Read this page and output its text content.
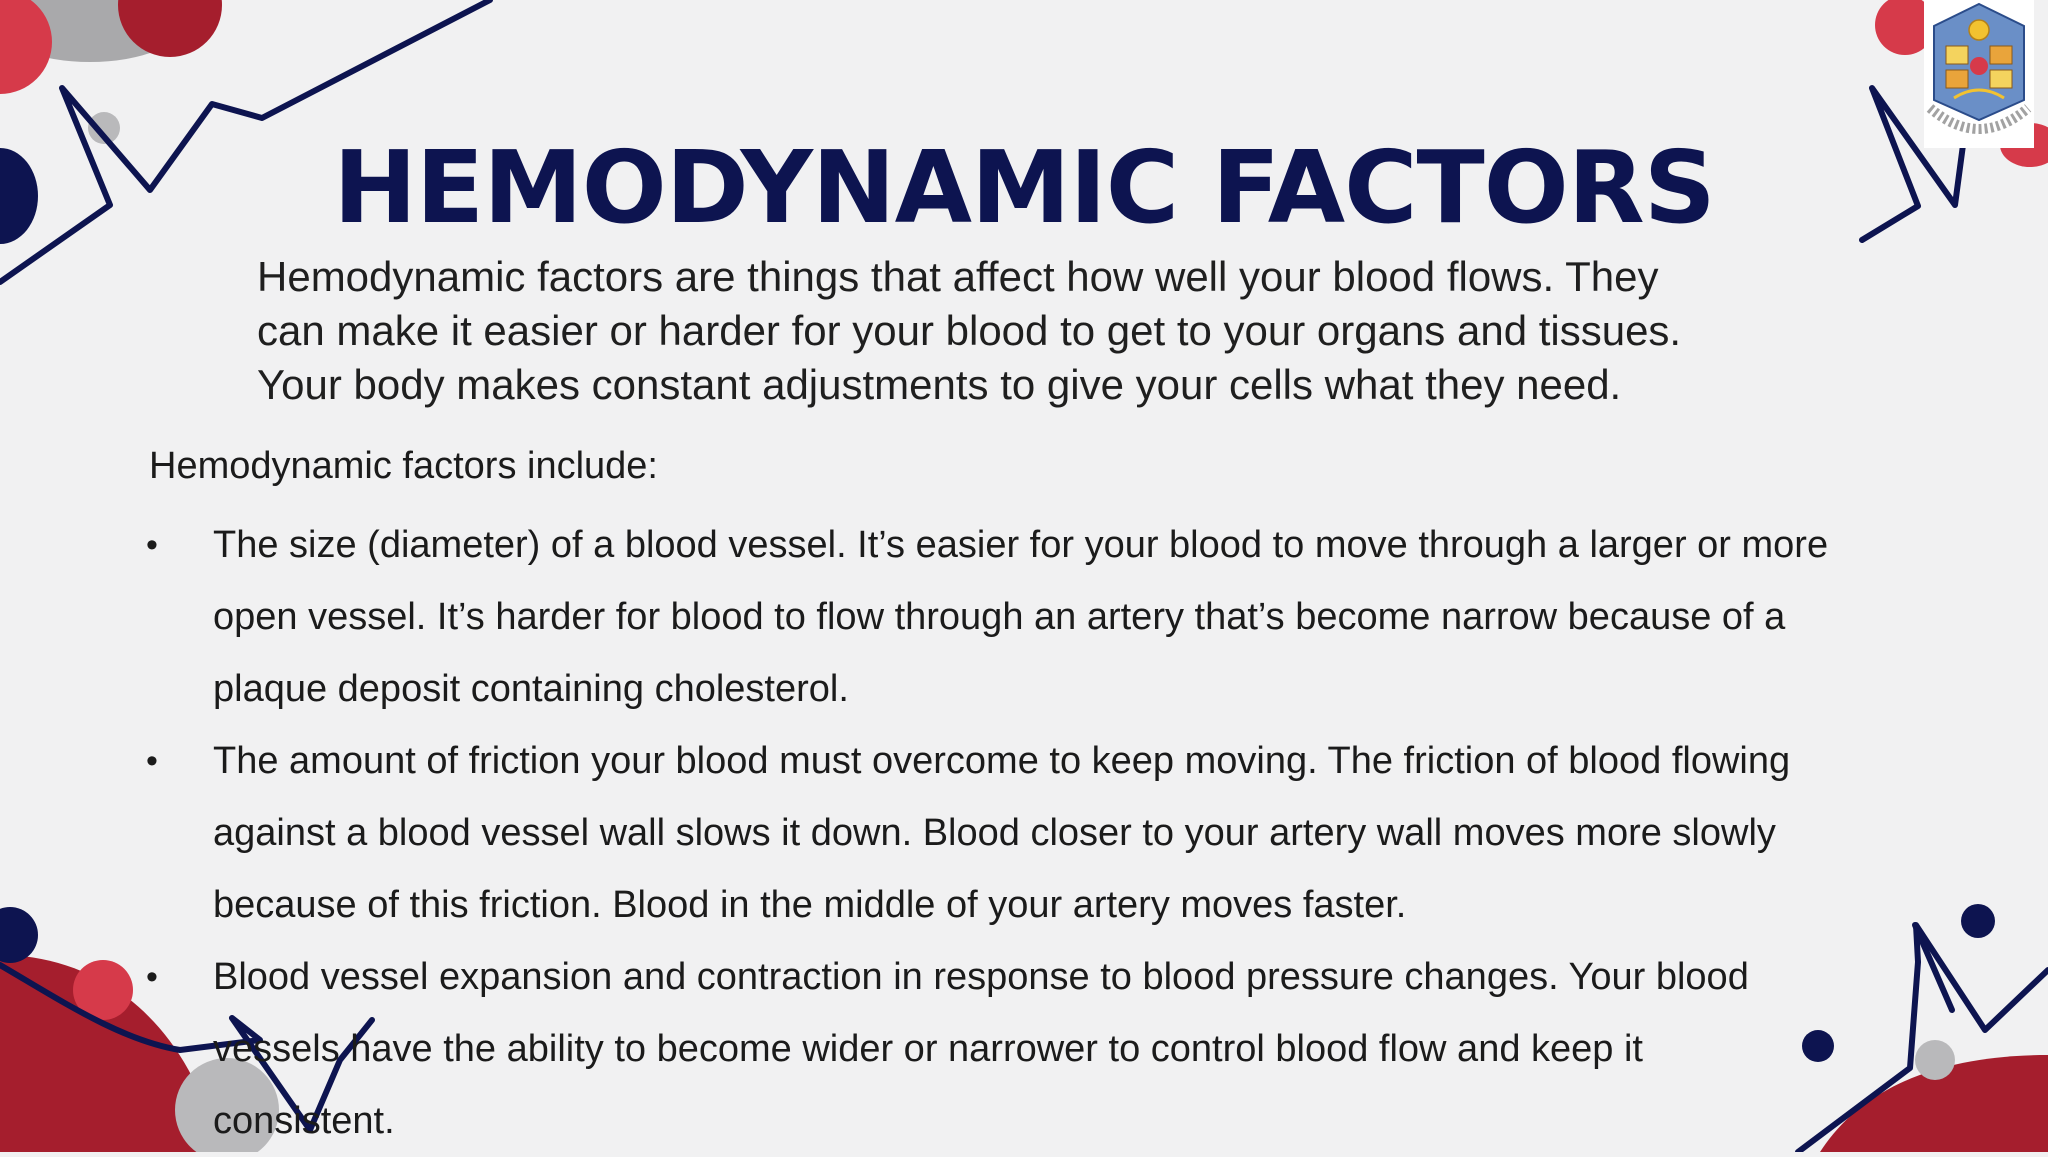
HEMODYNAMIC FACTORS
Hemodynamic factors are things that affect how well your blood flows. They
can make it easier or harder for your blood to get to your organs and tissues.
Your body makes constant adjustments to give your cells what they need.
Hemodynamic factors include:
• The size (diameter) of a blood vessel. It’s easier for your blood to move through a larger or more
open vessel. It’s harder for blood to flow through an artery that’s become narrow because of a
plaque deposit containing cholesterol.
• The amount of friction your blood must overcome to keep moving. The friction of blood flowing
against a blood vessel wall slows it down. Blood closer to your artery wall moves more slowly
because of this friction. Blood in the middle of your artery moves faster.
• Blood vessel expansion and contraction in response to blood pressure changes. Your blood
vessels have the ability to become wider or narrower to control blood flow and keep it
consistent.
